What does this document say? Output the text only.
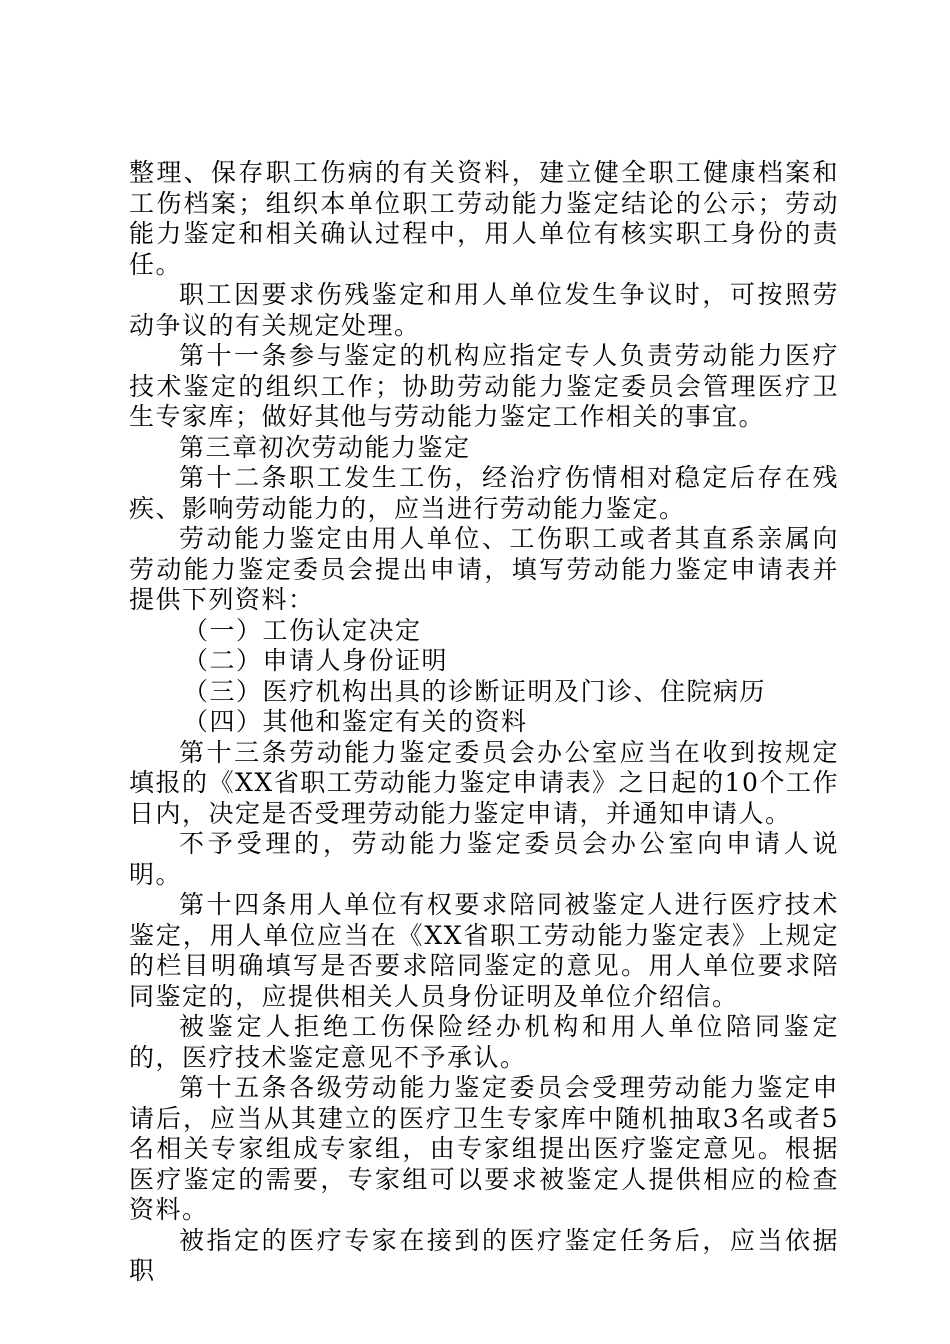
整理、保存职工伤病的有关资料，建立健全职工健康档案和工伤档案；组织本单位职工劳动能力鉴定结论的公示；劳动能力鉴定和相关确认过程中，用人单位有核实职工身份的责任。

职工因要求伤残鉴定和用人单位发生争议时，可按照劳动争议的有关规定处理。

第十一条参与鉴定的机构应指定专人负责劳动能力医疗技术鉴定的组织工作；协助劳动能力鉴定委员会管理医疗卫生专家库；做好其他与劳动能力鉴定工作相关的事宜。

第三章初次劳动能力鉴定

第十二条职工发生工伤，经治疗伤情相对稳定后存在残疾、影响劳动能力的，应当进行劳动能力鉴定。

劳动能力鉴定由用人单位、工伤职工或者其直系亲属向劳动能力鉴定委员会提出申请，填写劳动能力鉴定申请表并提供下列资料：

（一）工伤认定决定

（二）申请人身份证明

（三）医疗机构出具的诊断证明及门诊、住院病历

（四）其他和鉴定有关的资料

第十三条劳动能力鉴定委员会办公室应当在收到按规定填报的《XX省职工劳动能力鉴定申请表》之日起的10个工作日内，决定是否受理劳动能力鉴定申请，并通知申请人。

不予受理的，劳动能力鉴定委员会办公室向申请人说明。

第十四条用人单位有权要求陪同被鉴定人进行医疗技术鉴定，用人单位应当在《XX省职工劳动能力鉴定表》上规定的栏目明确填写是否要求陪同鉴定的意见。用人单位要求陪同鉴定的，应提供相关人员身份证明及单位介绍信。

被鉴定人拒绝工伤保险经办机构和用人单位陪同鉴定的，医疗技术鉴定意见不予承认。

第十五条各级劳动能力鉴定委员会受理劳动能力鉴定申请后，应当从其建立的医疗卫生专家库中随机抽取3名或者5名相关专家组成专家组，由专家组提出医疗鉴定意见。根据医疗鉴定的需要，专家组可以要求被鉴定人提供相应的检查资料。

被指定的医疗专家在接到的医疗鉴定任务后，应当依据职
